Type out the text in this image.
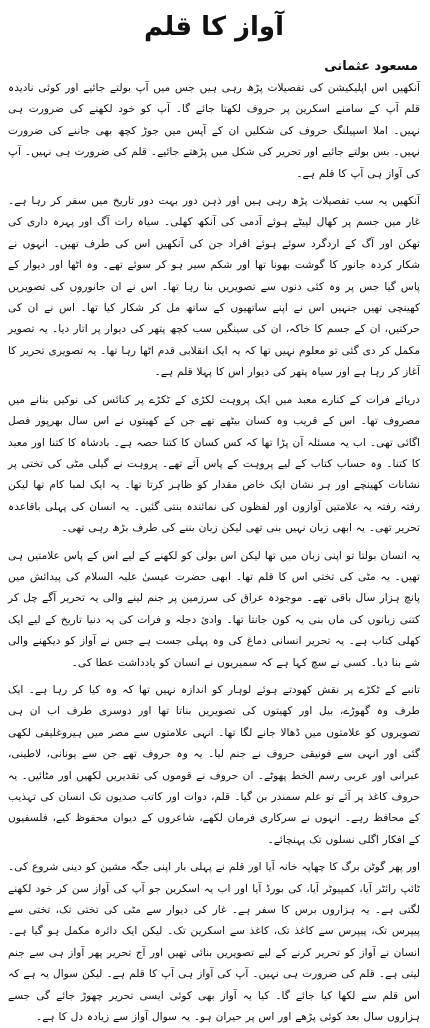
آواز کا قلم
مسعود عثمانی

آنکھیں اس اپلیکیشن کی تفصیلات پڑھ رہی ہیں جس میں آپ بولتے جائیے اور کوئی نادیدہ قلم آپ کے سامنے اسکرین پر حروف لکھتا جائے گا۔ آپ کو خود لکھنے کی ضرورت ہی نہیں۔ املا اسپیلنگ حروف کی شکلیں ان کے آپس میں جوڑ کچھ بھی جاننے کی ضرورت نہیں۔ بس بولتے جائیے اور تحریر کی شکل میں پڑھتے جائیے۔ قلم کی ضرورت ہی نہیں۔ آپ کی آواز ہی آپ کا قلم ہے۔

آنکھیں یہ سب تفصیلات پڑھ رہی ہیں اور ذہن دور بہت دور تاریخ میں سفر کر رہا ہے۔ غار میں جسم پر کھال لپیٹے ہوئے آدمی کی آنکھ کھلی۔ سیاہ رات آگ اور پہرہ داری کی تھکن اور آگ کے اردگرد سوئے ہوئے افراد جن کی آنکھیں اس کی طرف تھیں۔ انہوں نے شکار کردہ جانور کا گوشت بھونا تھا اور شکم سیر ہو کر سوئے تھے۔ وہ اٹھا اور دیوار کے پاس گیا جس پر وہ کئی دنوں سے تصویریں بنا رہا تھا۔ اس نے ان جانوروں کی تصویریں کھینچی تھیں جنہیں اس نے اپنے ساتھیوں کے ساتھ مل کر شکار کیا تھا۔ اس نے ان کی حرکتیں، ان کے جسم کا خاکہ، ان کی سینگیں سب کچھ پتھر کی دیوار پر اتار دیا۔ یہ تصویر مکمل کر دی گئی تو معلوم نہیں تھا کہ یہ ایک انقلابی قدم اٹھا رہا تھا۔ یہ تصویری تحریر کا آغاز کر رہا ہے اور سیاہ پتھر کی دیوار اس کا پہلا قلم ہے۔

دریائے فرات کے کنارے معبد میں ایک پروہت لکڑی کے ٹکڑے پر کنائس کی نوکیں بنانے میں مصروف تھا۔ اس کے قریب وہ کسان بیٹھے تھے جن کے کھیتوں نے اس سال بھرپور فصل اگائی تھی۔ اب یہ مسئلہ آن پڑا تھا کہ کس کسان کا کتنا حصہ ہے۔ بادشاہ کا کتنا اور معبد کا کتنا۔ وہ حساب کتاب کے لیے پروہت کے پاس آئے تھے۔ پروہت نے گیلی مٹی کی تختی پر نشانات کھینچے اور ہر نشان ایک خاص مقدار کو ظاہر کرتا تھا۔ یہ ایک لمبا کام تھا لیکن رفتہ رفتہ یہ علامتیں آوازوں اور لفظوں کی نمائندہ بنتی گئیں۔ یہ انسان کی پہلی باقاعدہ تحریر تھی۔ یہ ابھی زبان نہیں بنی تھی لیکن زبان بننے کی طرف بڑھ رہی تھی۔

یہ انسان بولتا تو اپنی زبان میں تھا لیکن اس بولی کو لکھنے کے لیے اس کے پاس علامتیں ہی تھیں۔ یہ مٹی کی تختی اس کا قلم تھا۔ ابھی حضرت عیسیٰ علیہ السلام کی پیدائش میں پانچ ہزار سال باقی تھے۔ موجودہ عراق کی سرزمین پر جنم لینے والی یہ تحریر آگے چل کر کتنی زبانوں کی ماں بنی یہ کون جانتا تھا۔ وادیٔ دجلہ و فرات کی یہ دنیا تاریخ کے لیے ایک کھلی کتاب ہے۔ یہ تحریر انسانی دماغ کی وہ پہلی جست ہے جس نے آواز کو دیکھنے والی شے بنا دیا۔ کسی نے سچ کہا ہے کہ سمیریوں نے انسان کو یادداشت عطا کی۔

تانبے کے ٹکڑے پر نقش کھودتے ہوئے لوہار کو اندازہ نہیں تھا کہ وہ کیا کر رہا ہے۔ ایک طرف وہ گھوڑے، بیل اور کھیتوں کی تصویریں بناتا تھا اور دوسری طرف اب ان ہی تصویروں کو علامتوں میں ڈھالا جانے لگا تھا۔ انہی علامتوں سے مصر میں ہیروغلیفی لکھی گئی اور انہی سے فونیقی حروف نے جنم لیا۔ یہ وہ حروف تھے جن سے یونانی، لاطینی، عبرانی اور عربی رسم الخط پھوٹے۔ ان حروف نے قوموں کی تقدیریں لکھیں اور مٹائیں۔ یہ حروف کاغذ پر آئے تو علم سمندر بن گیا۔ قلم، دوات اور کاتب صدیوں تک انسان کی تہذیب کے محافظ رہے۔ انہوں نے سرکاری فرمان لکھے، شاعروں کے دیوان محفوظ کیے، فلسفیوں کے افکار اگلی نسلوں تک پہنچائے۔

اور پھر گوٹن برگ کا چھاپہ خانہ آیا اور قلم نے پہلی بار اپنی جگہ مشین کو دینی شروع کی۔ ٹائپ رائٹر آیا، کمپیوٹر آیا، کی بورڈ آیا اور اب یہ اسکرین جو آپ کی آواز سن کر خود لکھنے لگتی ہے۔ یہ ہزاروں برس کا سفر ہے۔ غار کی دیوار سے مٹی کی تختی تک، تختی سے پیپرس تک، پیپرس سے کاغذ تک، کاغذ سے اسکرین تک۔ لیکن ایک دائرہ مکمل ہو گیا ہے۔ انسان نے آواز کو تحریر کرنے کے لیے تصویریں بنائی تھیں اور آج تحریر پھر آواز ہی سے جنم لیتی ہے۔ قلم کی ضرورت ہی نہیں۔ آپ کی آواز ہی آپ کا قلم ہے۔ لیکن سوال یہ ہے کہ اس قلم سے لکھا کیا جائے گا۔ کیا یہ آواز بھی کوئی ایسی تحریر چھوڑ جائے گی جسے ہزاروں سال بعد کوئی پڑھے اور اس پر حیران ہو۔ یہ سوال آواز سے زیادہ دل کا ہے۔
